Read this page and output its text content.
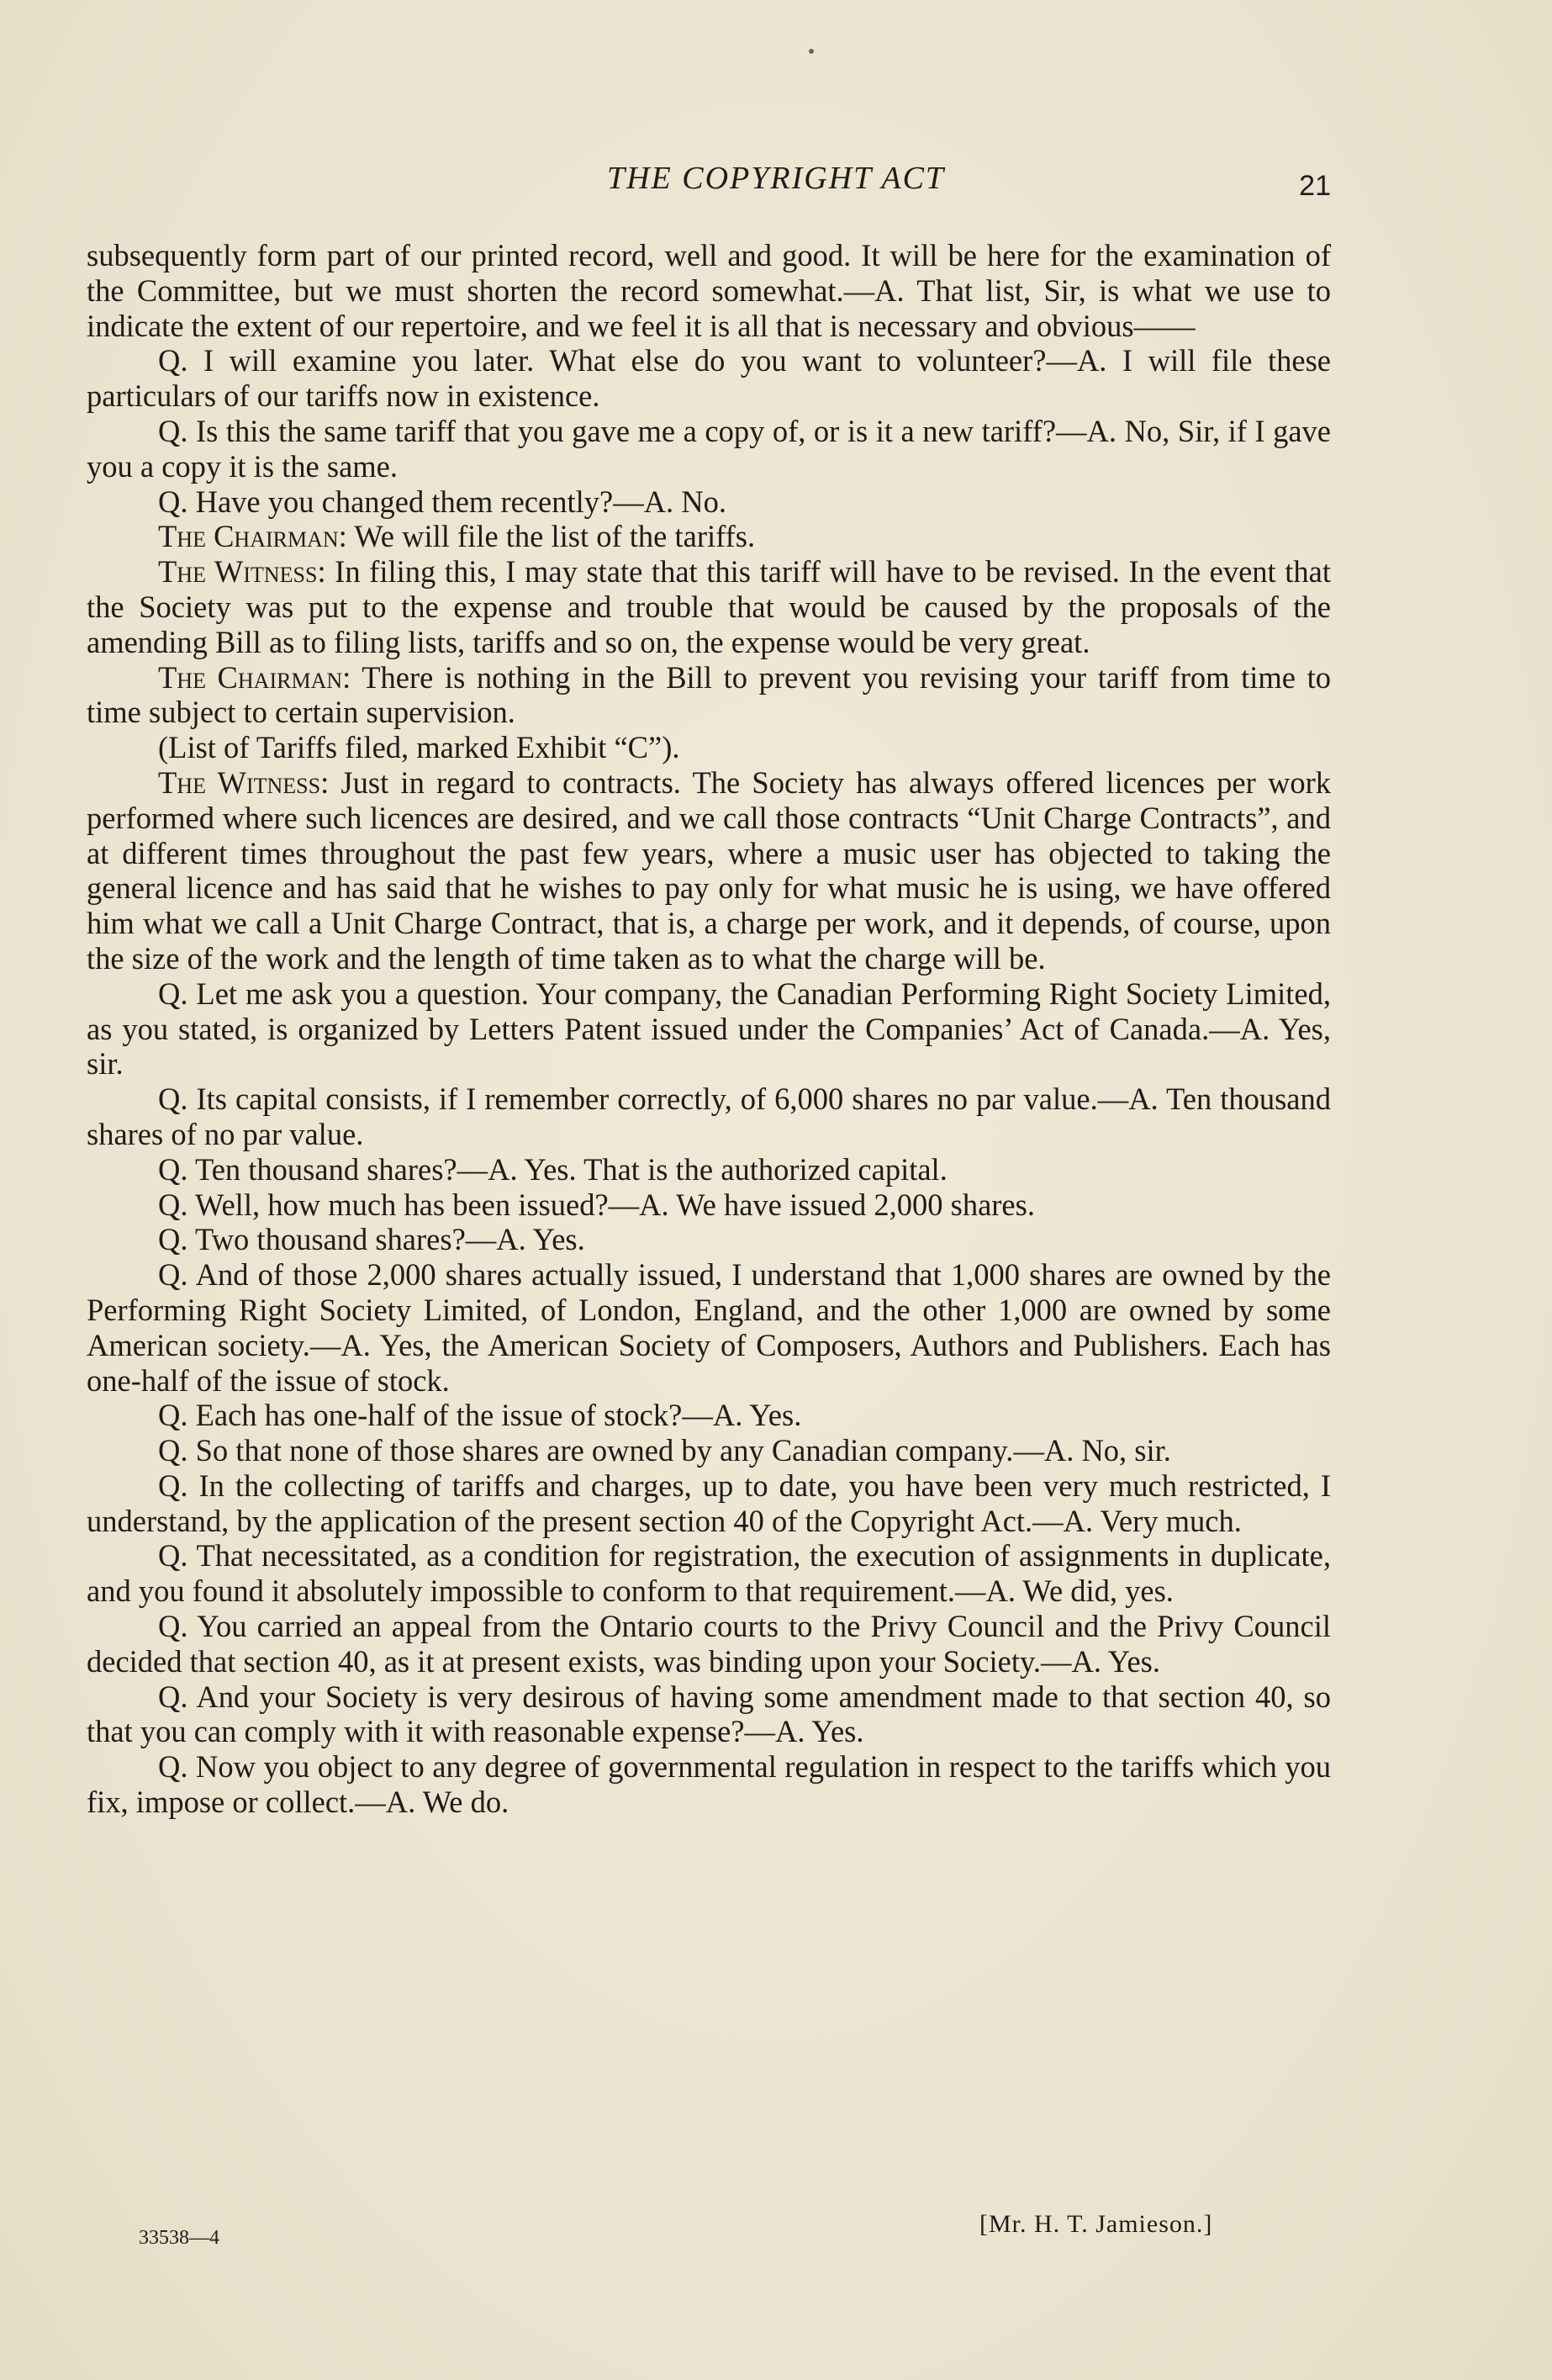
THE COPYRIGHT ACT	21

subsequently form part of our printed record, well and good. It will be here for the examination of the Committee, but we must shorten the record somewhat.—A. That list, Sir, is what we use to indicate the extent of our repertoire, and we feel it is all that is necessary and obvious——

Q. I will examine you later. What else do you want to volunteer?—A. I will file these particulars of our tariffs now in existence.

Q. Is this the same tariff that you gave me a copy of, or is it a new tariff?—A. No, Sir, if I gave you a copy it is the same.

Q. Have you changed them recently?—A. No.

The Chairman: We will file the list of the tariffs.

The Witness: In filing this, I may state that this tariff will have to be revised. In the event that the Society was put to the expense and trouble that would be caused by the proposals of the amending Bill as to filing lists, tariffs and so on, the expense would be very great.

The Chairman: There is nothing in the Bill to prevent you revising your tariff from time to time subject to certain supervision.

(List of Tariffs filed, marked Exhibit “C”).

The Witness: Just in regard to contracts. The Society has always offered licences per work performed where such licences are desired, and we call those contracts “Unit Charge Contracts”, and at different times throughout the past few years, where a music user has objected to taking the general licence and has said that he wishes to pay only for what music he is using, we have offered him what we call a Unit Charge Contract, that is, a charge per work, and it depends, of course, upon the size of the work and the length of time taken as to what the charge will be.

Q. Let me ask you a question. Your company, the Canadian Performing Right Society Limited, as you stated, is organized by Letters Patent issued under the Companies’ Act of Canada.—A. Yes, sir.

Q. Its capital consists, if I remember correctly, of 6,000 shares no par value.—A. Ten thousand shares of no par value.

Q. Ten thousand shares?—A. Yes. That is the authorized capital.

Q. Well, how much has been issued?—A. We have issued 2,000 shares.

Q. Two thousand shares?—A. Yes.

Q. And of those 2,000 shares actually issued, I understand that 1,000 shares are owned by the Performing Right Society Limited, of London, England, and the other 1,000 are owned by some American society.—A. Yes, the American Society of Composers, Authors and Publishers. Each has one-half of the issue of stock.

Q. Each has one-half of the issue of stock?—A. Yes.

Q. So that none of those shares are owned by any Canadian company.—A. No, sir.

Q. In the collecting of tariffs and charges, up to date, you have been very much restricted, I understand, by the application of the present section 40 of the Copyright Act.—A. Very much.

Q. That necessitated, as a condition for registration, the execution of assignments in duplicate, and you found it absolutely impossible to conform to that requirement.—A. We did, yes.

Q. You carried an appeal from the Ontario courts to the Privy Council and the Privy Council decided that section 40, as it at present exists, was binding upon your Society.—A. Yes.

Q. And your Society is very desirous of having some amendment made to that section 40, so that you can comply with it with reasonable expense?—A. Yes.

Q. Now you object to any degree of governmental regulation in respect to the tariffs which you fix, impose or collect.—A. We do.

33538—4	[Mr. H. T. Jamieson.]
